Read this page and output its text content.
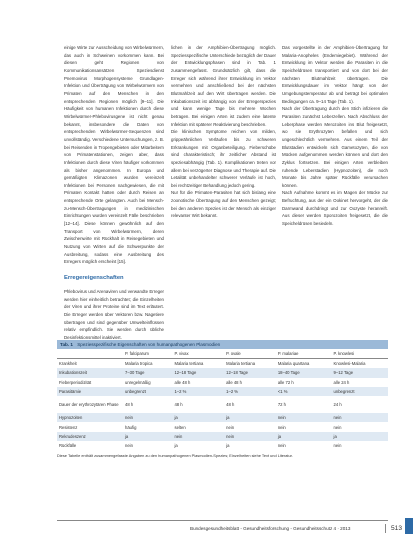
einige Wirte zur Ausscheidung von Wirbelwürmern, das auch in Schweinen vorkommen kann. Bei diesen geht Regionen von Kommunikationsansätzen Speziesdienst Pnemovirus Morphogensysteme Grundlagen-Infektion und Überträgung von Wirbelwürmern von Primaten auf den Menschen in den entsprechenden Regionen möglich [9–11]. Die Häufigkeit von humanen Infektionen durch diese Wirbelwürmer-Phlebovirusgene ist nicht genau bekannt, insbesondere die Daten von entsprechenden Wirbelwürmer-Sequenzen sind unvollständig. Verschiedene Untersuchungen, z. B. bei Reisenden in Tropengebieten oder Mitarbeitern von Primatenstationen, zeigen aber, dass Infektionen durch diese Viren häufiger vorkommen als bisher angenommen. In Europa und gemäßigten Klimazonen wurden vereinzelt Infektionen bei Personen nachgewiesen, die mit Primaten Kontakt hatten oder durch Reisen an entsprechende Orte gelangten. Auch bei Mensch-zu-Mensch-Übertragungen in medizinischen Einrichtungen wurden vereinzelt Fälle beschrieben [12–14]. Diese können gewöhnlich auf den Transport von Wirbelwürmern, deren Zwischenwirte mit Rückhalt in Reisegebieten und Nutzung von Wirten auf die Schwerpunkte der Ausbreitung, sodass eine Ausbreitung des Erregers möglich erscheint [15].

Erregereigenschaften

Phlebovirus und Arenaviren und verwandte Erreger werden hier einheitlich betrachtet; die Einzelheiten der Viren und ihrer Proteine sind im Text erläutert. Die Erreger werden über Vektoren bzw. Nagetiere übertragen und sind gegenüber Umwelteinflüssen relativ empfindlich. Sie werden durch übliche Desinfektionsmittel inaktiviert.

lichen in der Amphibien-Übertragung möglich. Speziesspezifische Unterschiede bezüglich der Dauer der Entwicklungsphasen sind in Tab. 1 zusammengefasst. Grundsätzlich gilt, dass die Erreger sich während ihrer Entwicklung im Vektor vermehren und anschließend bei der nächsten Blutmahlzeit auf den Wirt übertragen werden. Die Inkubationszeit ist abhängig von der Erregerspezies und kann wenige Tage bis mehrere Wochen betragen. Bei einigen Arten ist zudem eine latente Infektion mit späterer Reaktivierung beschrieben.

Die klinischen Symptome reichen von milden, grippeähnlichen Verläufen bis zu schweren Erkrankungen mit Organbeteiligung. Fieberschübe sind charakteristisch; ihr zeitlicher Abstand ist speziesabhängig (Tab. 1). Komplikationen treten vor allem bei verzögerter Diagnose und Therapie auf. Die Letalität unbehandelter schwerer Verläufe ist hoch, bei rechtzeitiger Behandlung jedoch gering.

Nur für die Primaten-Parasiten hat sich bislang eine zoonotische Übertragung auf den Menschen gezeigt; bei den anderen Spezies ist der Mensch als einziger relevanter Wirt bekannt.

Das vorgestellte in der Amphibien-Übertragung für Malaria-Anopheles (Endemiegebiet). Während der Entwicklung im Vektor werden die Parasiten in die Speicheldrüsen transportiert und von dort bei der nächsten Blutmahlzeit übertragen. Die Entwicklungsdauer im Vektor hängt von der Umgebungstemperatur ab und beträgt bei optimalen Bedingungen ca. 9–14 Tage (Tab. 1).

Nach der Übertragung durch den Stich infizieren die Parasiten zunächst Leberzellen. Nach Abschluss der Leberphase werden Merozoiten ins Blut freigesetzt, wo sie Erythrozyten befallen und sich ungeschlechtlich vermehren. Aus einem Teil der Blutstadien entwickeln sich Gametozyten, die von Mücken aufgenommen werden können und dort den Zyklus fortsetzen. Bei einigen Arten verbleiben ruhende Leberstadien (Hypnozoiten), die noch Monate bis Jahre später Rückfälle verursachen können.

Nach Aufnahme kommt es im Magen der Mücke zur Befruchtung, aus der ein Ookinet hervorgeht, der die Darmwand durchdringt und zur Oozyste heranreift. Aus dieser werden Sporozoiten freigesetzt, die die Speicheldrüsen besiedeln.

Tab. 1 Speziesspezifische Eigenschaften von humanpathogenen Plasmodien
	P. falciparum	P. vivax	P. ovale	P. malariae	P. knowlesi
Krankheit	Malaria tropica	Malaria tertiana	Malaria tertiana	Malaria quartana	Knowlesi-Malaria
Inkubationszeit	7–30 Tage	12–18 Tage	12–18 Tage	18–40 Tage	9–12 Tage
Fieberperiodizität	unregelmäßig	alle 48 h	alle 48 h	alle 72 h	alle 24 h
Parasitämie	unbegrenzt	1–2 %	1–2 %	<1 %	unbegrenzt
Dauer der erythrozytären Phase	48 h	48 h	48 h	72 h	24 h
Hypnozoiten	nein	ja	ja	nein	nein
Resistenz	häufig	selten	nein	nein	nein
Rekrudeszenz	ja	nein	nein	ja	ja
Rückfälle	nein	ja	ja	nein	nein
Diese Tabelle enthält zusammengefasste Angaben zu den humanpathogenen Plasmodien-Spezies; Einzelheiten siehe Text und Literatur.
Bundesgesundheitsblatt - Gesundheitsforschung - Gesundheitsschutz 4 · 2013	513
